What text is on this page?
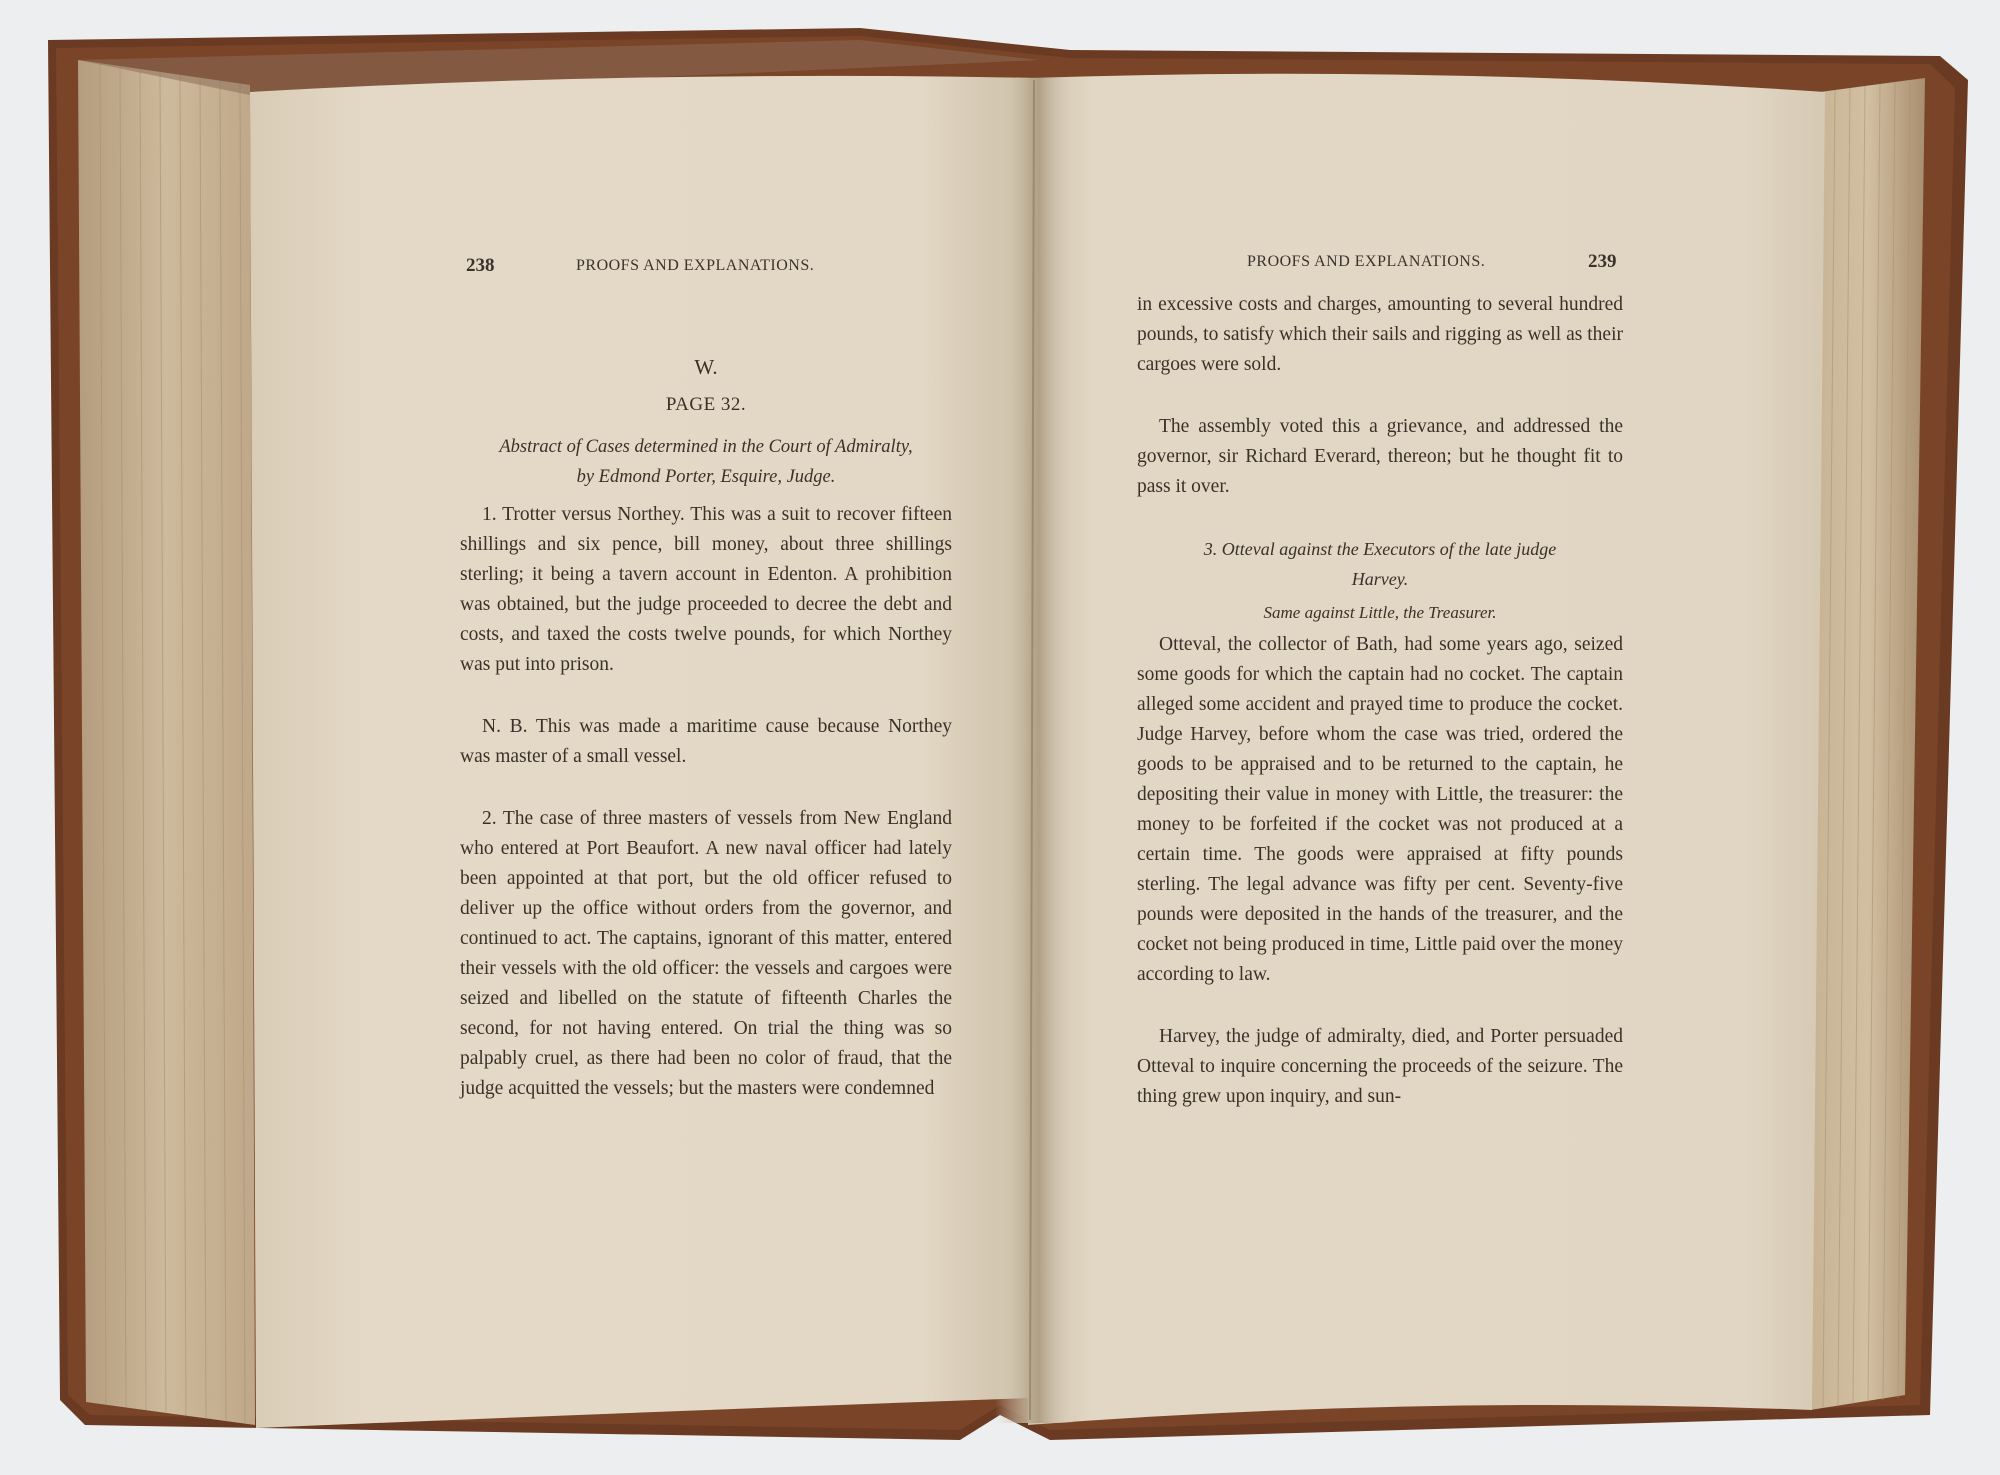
238	PROOFS AND EXPLANATIONS.

W.

PAGE 32.

Abstract of Cases determined in the Court of Admiralty,

by Edmond Porter, Esquire, Judge.

1. Trotter versus Northey. This was a suit to recover fifteen shillings and six pence, bill money, about three shillings sterling; it being a tavern account in Edenton. A prohibition was obtained, but the judge proceeded to decree the debt and costs, and taxed the costs twelve pounds, for which Northey was put into prison.

N. B. This was made a maritime cause because Northey was master of a small vessel.

2. The case of three masters of vessels from New England who entered at Port Beaufort. A new naval officer had lately been appointed at that port, but the old officer refused to deliver up the office without orders from the governor, and continued to act. The captains, ignorant of this matter, entered their vessels with the old officer: the vessels and cargoes were seized and libelled on the statute of fifteenth Charles the second, for not having entered. On trial the thing was so palpably cruel, as there had been no color of fraud, that the judge acquitted the vessels; but the masters were condemned

PROOFS AND EXPLANATIONS.	239

in excessive costs and charges, amounting to several hundred pounds, to satisfy which their sails and rigging as well as their cargoes were sold.

The assembly voted this a grievance, and addressed the governor, sir Richard Everard, thereon; but he thought fit to pass it over.

3. Otteval against the Executors of the late judge

Harvey.

Same against Little, the Treasurer.

Otteval, the collector of Bath, had some years ago, seized some goods for which the captain had no cocket. The captain alleged some accident and prayed time to produce the cocket. Judge Harvey, before whom the case was tried, ordered the goods to be appraised and to be returned to the captain, he depositing their value in money with Little, the treasurer: the money to be forfeited if the cocket was not produced at a certain time. The goods were appraised at fifty pounds sterling. The legal advance was fifty per cent. Seventy-five pounds were deposited in the hands of the treasurer, and the cocket not being produced in time, Little paid over the money according to law.

Harvey, the judge of admiralty, died, and Porter persuaded Otteval to inquire concerning the proceeds of the seizure. The thing grew upon inquiry, and sun-
